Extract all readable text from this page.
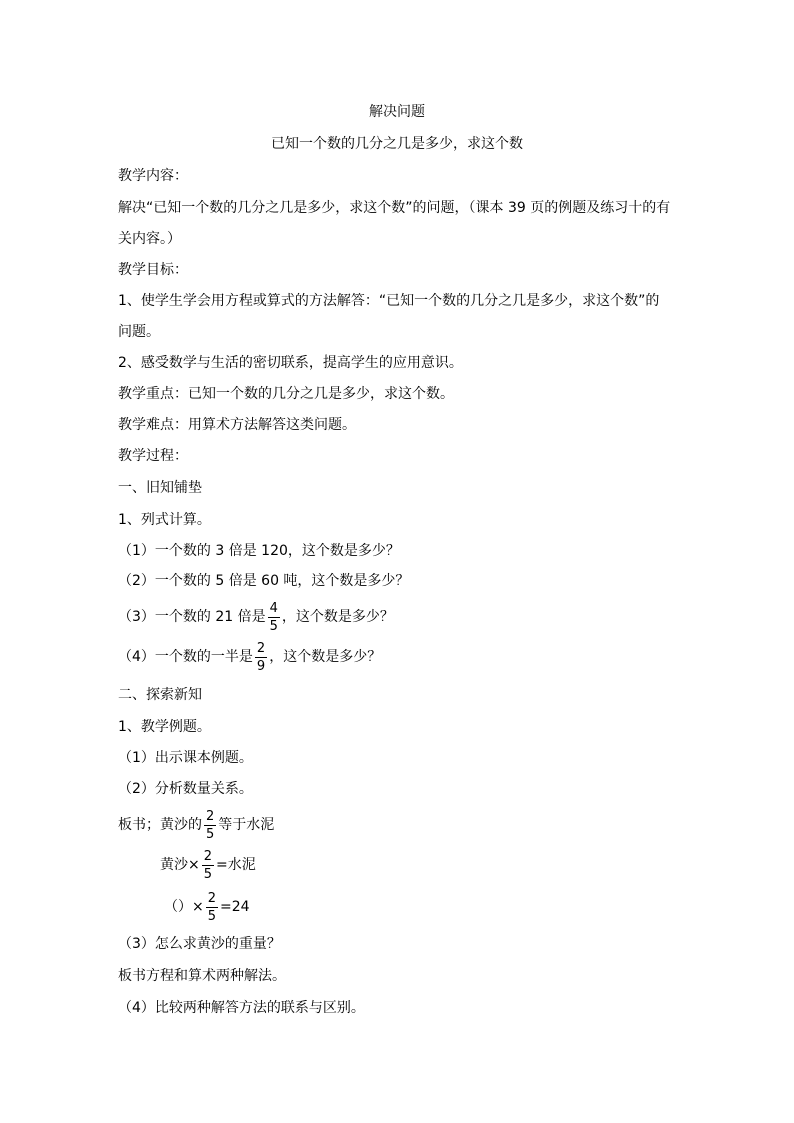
解决问题
已知一个数的几分之几是多少，求这个数
教学内容：
解决“已知一个数的几分之几是多少，求这个数”的问题，（课本 39 页的例题及练习十的有
关内容。）
教学目标：
1、使学生学会用方程或算式的方法解答：“已知一个数的几分之几是多少，求这个数”的
问题。
2、感受数学与生活的密切联系，提高学生的应用意识。
教学重点：已知一个数的几分之几是多少，求这个数。
教学难点：用算术方法解答这类问题。
教学过程：
一、旧知铺垫
1、列式计算。
（1）一个数的 3 倍是 120，这个数是多少？
（2）一个数的 5 倍是 60 吨，这个数是多少？
（3）一个数的 21 倍是 $\frac{4}{5}$ ，这个数是多少？
（4）一个数的一半是 $\frac{2}{9}$ ，这个数是多少？
二、探索新知
1、教学例题。
（1）出示课本例题。
（2）分析数量关系。
板书；黄沙的 $\frac{2}{5}$ 等于水泥
黄沙× $\frac{2}{5}$ =水泥
（）× $\frac{2}{5} =24$
（3）怎么求黄沙的重量？
板书方程和算术两种解法。
（4）比较两种解答方法的联系与区别。
